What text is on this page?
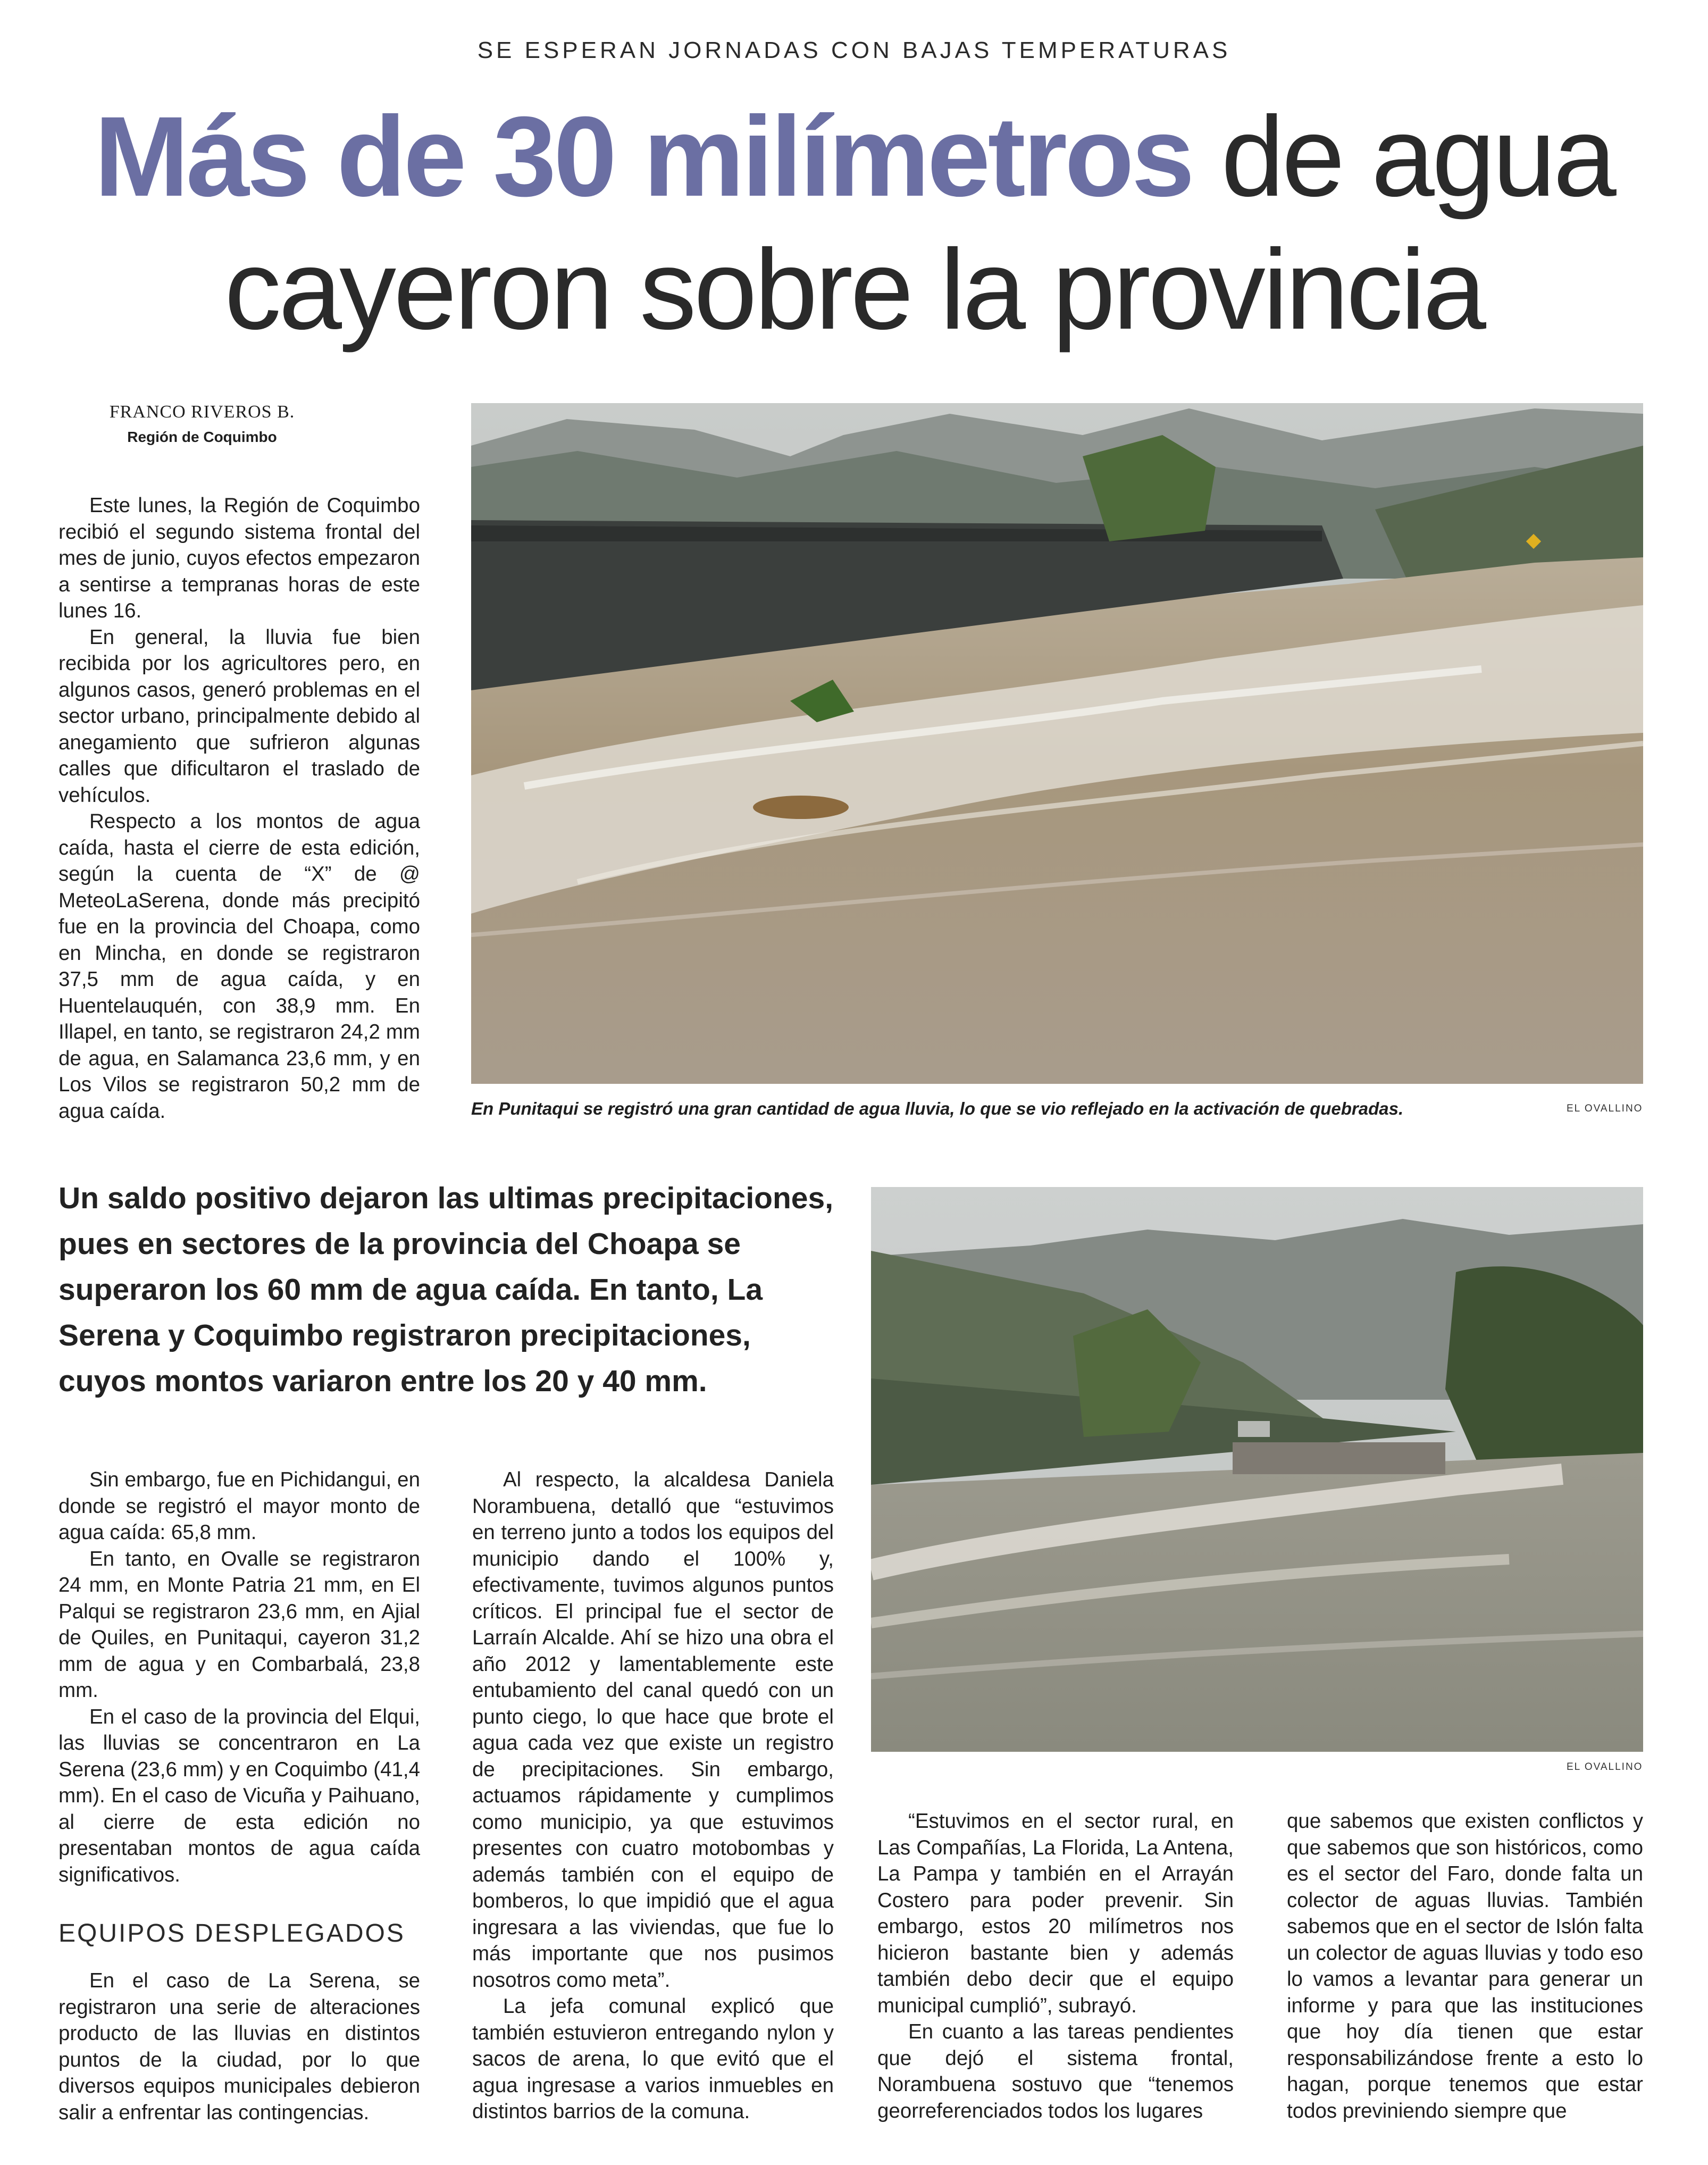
SE ESPERAN JORNADAS CON BAJAS TEMPERATURAS
Más de 30 milímetros de agua
cayeron sobre la provincia
FRANCO RIVEROS B.
Región de Coquimbo

Este lunes, la Región de Coquimbo recibió el segundo sistema frontal del mes de junio, cuyos efectos empezaron a sentirse a tempranas horas de este lunes 16.

En general, la lluvia fue bien recibida por los agricultores pero, en algunos casos, generó problemas en el sector urbano, principalmente debido al anegamiento que sufrieron algunas calles que dificultaron el traslado de vehículos.

Respecto a los montos de agua caída, hasta el cierre de esta edición, según la cuenta de “X” de @ MeteoLaSerena, donde más precipitó fue en la provincia del Choapa, como en Mincha, en donde se registraron 37,5 mm de agua caída, y en Huentelauquén, con 38,9 mm. En Illapel, en tanto, se registraron 24,2 mm de agua, en Salamanca 23,6 mm, y en Los Vilos se registraron 50,2 mm de agua caída.	En Punitaqui se registró una gran cantidad de agua lluvia, lo que se vio reflejado en la activación de quebradas.	EL OVALLINO
Un saldo positivo dejaron las ultimas precipitaciones, pues en sectores de la provincia del Choapa se superaron los 60 mm de agua caída. En tanto, La Serena y Coquimbo registraron precipitaciones, cuyos montos variaron entre los 20 y 40 mm.
EL OVALLINO

Sin embargo, fue en Pichidangui, en donde se registró el mayor monto de agua caída: 65,8 mm.

En tanto, en Ovalle se registraron 24 mm, en Monte Patria 21 mm, en El Palqui se registraron 23,6 mm, en Ajial de Quiles, en Punitaqui, cayeron 31,2 mm de agua y en Combarbalá, 23,8 mm.

En el caso de la provincia del Elqui, las lluvias se concentraron en La Serena (23,6 mm) y en Coquimbo (41,4 mm). En el caso de Vicuña y Paihuano, al cierre de esta edición no presentaban montos de agua caída significativos.

EQUIPOS DESPLEGADOS

En el caso de La Serena, se registraron una serie de alteraciones producto de las lluvias en distintos puntos de la ciudad, por lo que diversos equipos municipales debieron salir a enfrentar las contingencias.

Al respecto, la alcaldesa Daniela Norambuena, detalló que “estuvimos en terreno junto a todos los equipos del municipio dando el 100% y, efectivamente, tuvimos algunos puntos críticos. El principal fue el sector de Larraín Alcalde. Ahí se hizo una obra el año 2012 y lamentablemente este entubamiento del canal quedó con un punto ciego, lo que hace que brote el agua cada vez que existe un registro de precipitaciones. Sin embargo, actuamos rápidamente y cumplimos como municipio, ya que estuvimos presentes con cuatro motobombas y además también con el equipo de bomberos, lo que impidió que el agua ingresara a las viviendas, que fue lo más importante que nos pusimos nosotros como meta”.

La jefa comunal explicó que también estuvieron entregando nylon y sacos de arena, lo que evitó que el agua ingresase a varios inmuebles en distintos barrios de la comuna.

“Estuvimos en el sector rural, en Las Compañías, La Florida, La Antena, La Pampa y también en el Arrayán Costero para poder prevenir. Sin embargo, estos 20 milímetros nos hicieron bastante bien y además también debo decir que el equipo municipal cumplió”, subrayó.

En cuanto a las tareas pendientes que dejó el sistema frontal, Norambuena sostuvo que “tenemos georreferenciados todos los lugares

que sabemos que existen conflictos y que sabemos que son históricos, como es el sector del Faro, donde falta un colector de aguas lluvias. También sabemos que en el sector de Islón falta un colector de aguas lluvias y todo eso lo vamos a levantar para generar un informe y para que las instituciones que hoy día tienen que estar responsabilizándose frente a esto lo hagan, porque tenemos que estar todos previniendo siempre que
